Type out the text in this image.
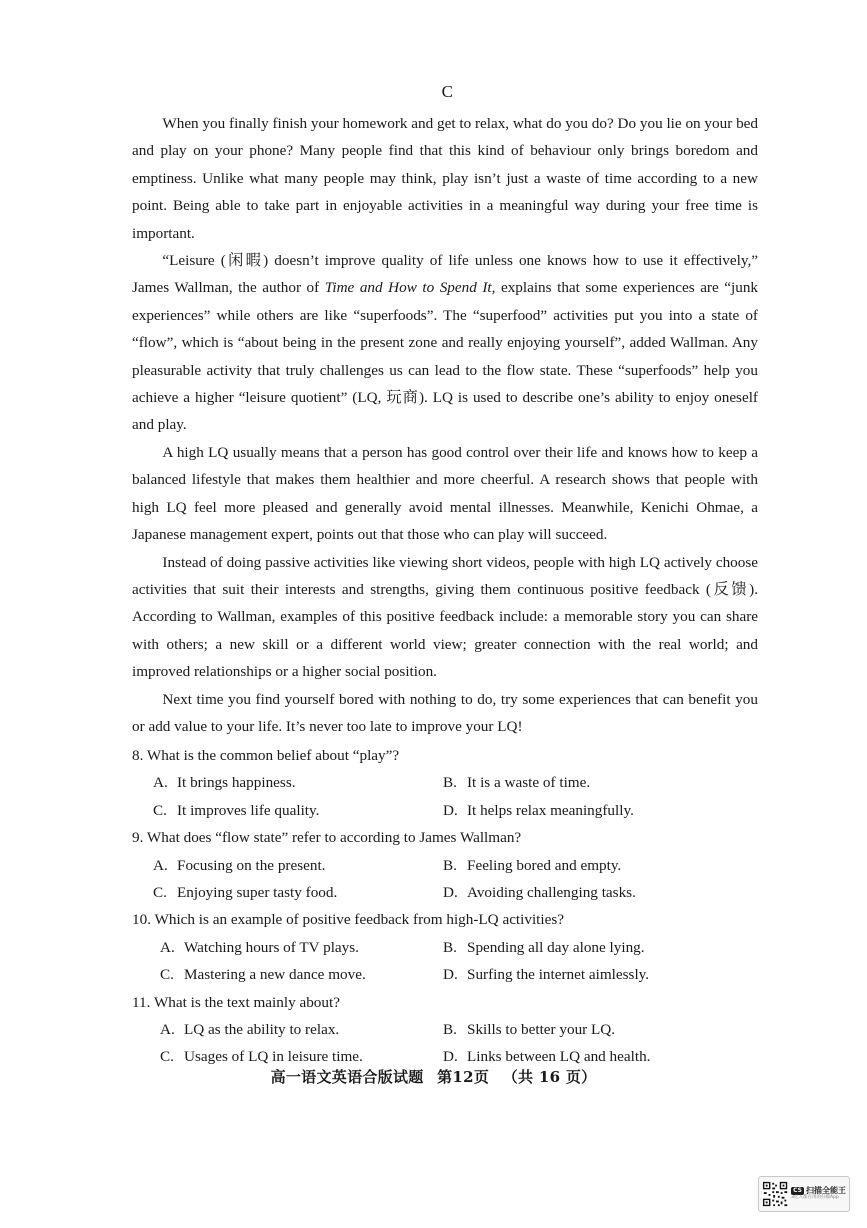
C

When you finally finish your homework and get to relax, what do you do? Do you lie on your bed and play on your phone? Many people find that this kind of behaviour only brings boredom and emptiness. Unlike what many people may think, play isn’t just a waste of time according to a new point. Being able to take part in enjoyable activities in a meaningful way during your free time is important.

“Leisure (闲暇) doesn’t improve quality of life unless one knows how to use it effectively,” James Wallman, the author of Time and How to Spend It, explains that some experiences are “junk experiences” while others are like “superfoods”. The “superfood” activities put you into a state of “flow”, which is “about being in the present zone and really enjoying yourself”, added Wallman. Any pleasurable activity that truly challenges us can lead to the flow state. These “superfoods” help you achieve a higher “leisure quotient” (LQ, 玩商). LQ is used to describe one’s ability to enjoy oneself and play.

A high LQ usually means that a person has good control over their life and knows how to keep a balanced lifestyle that makes them healthier and more cheerful. A research shows that people with high LQ feel more pleased and generally avoid mental illnesses. Meanwhile, Kenichi Ohmae, a Japanese management expert, points out that those who can play will succeed.

Instead of doing passive activities like viewing short videos, people with high LQ actively choose activities that suit their interests and strengths, giving them continuous positive feedback (反馈). According to Wallman, examples of this positive feedback include: a memorable story you can share with others; a new skill or a different world view; greater connection with the real world; and improved relationships or a higher social position.

Next time you find yourself bored with nothing to do, try some experiences that can benefit you or add value to your life. It’s never too late to improve your LQ!

8. What is the common belief about “play”?
A. It brings happiness.	B. It is a waste of time.
C. It improves life quality.	D. It helps relax meaningfully.
9. What does “flow state” refer to according to James Wallman?
A. Focusing on the present.	B. Feeling bored and empty.
C. Enjoying super tasty food.	D. Avoiding challenging tasks.
10. Which is an example of positive feedback from high-LQ activities?
A. Watching hours of TV plays.	B. Spending all day alone lying.
C. Mastering a new dance move.	D. Surfing the internet aimlessly.
11. What is the text mainly about?
A. LQ as the ability to relax.	B. Skills to better your LQ.
C. Usages of LQ in leisure time.	D. Links between LQ and health.
高一语文英语合版试题 第12页 （共 16 页）
CS 扫描全能王
3亿人都在用的扫描App
